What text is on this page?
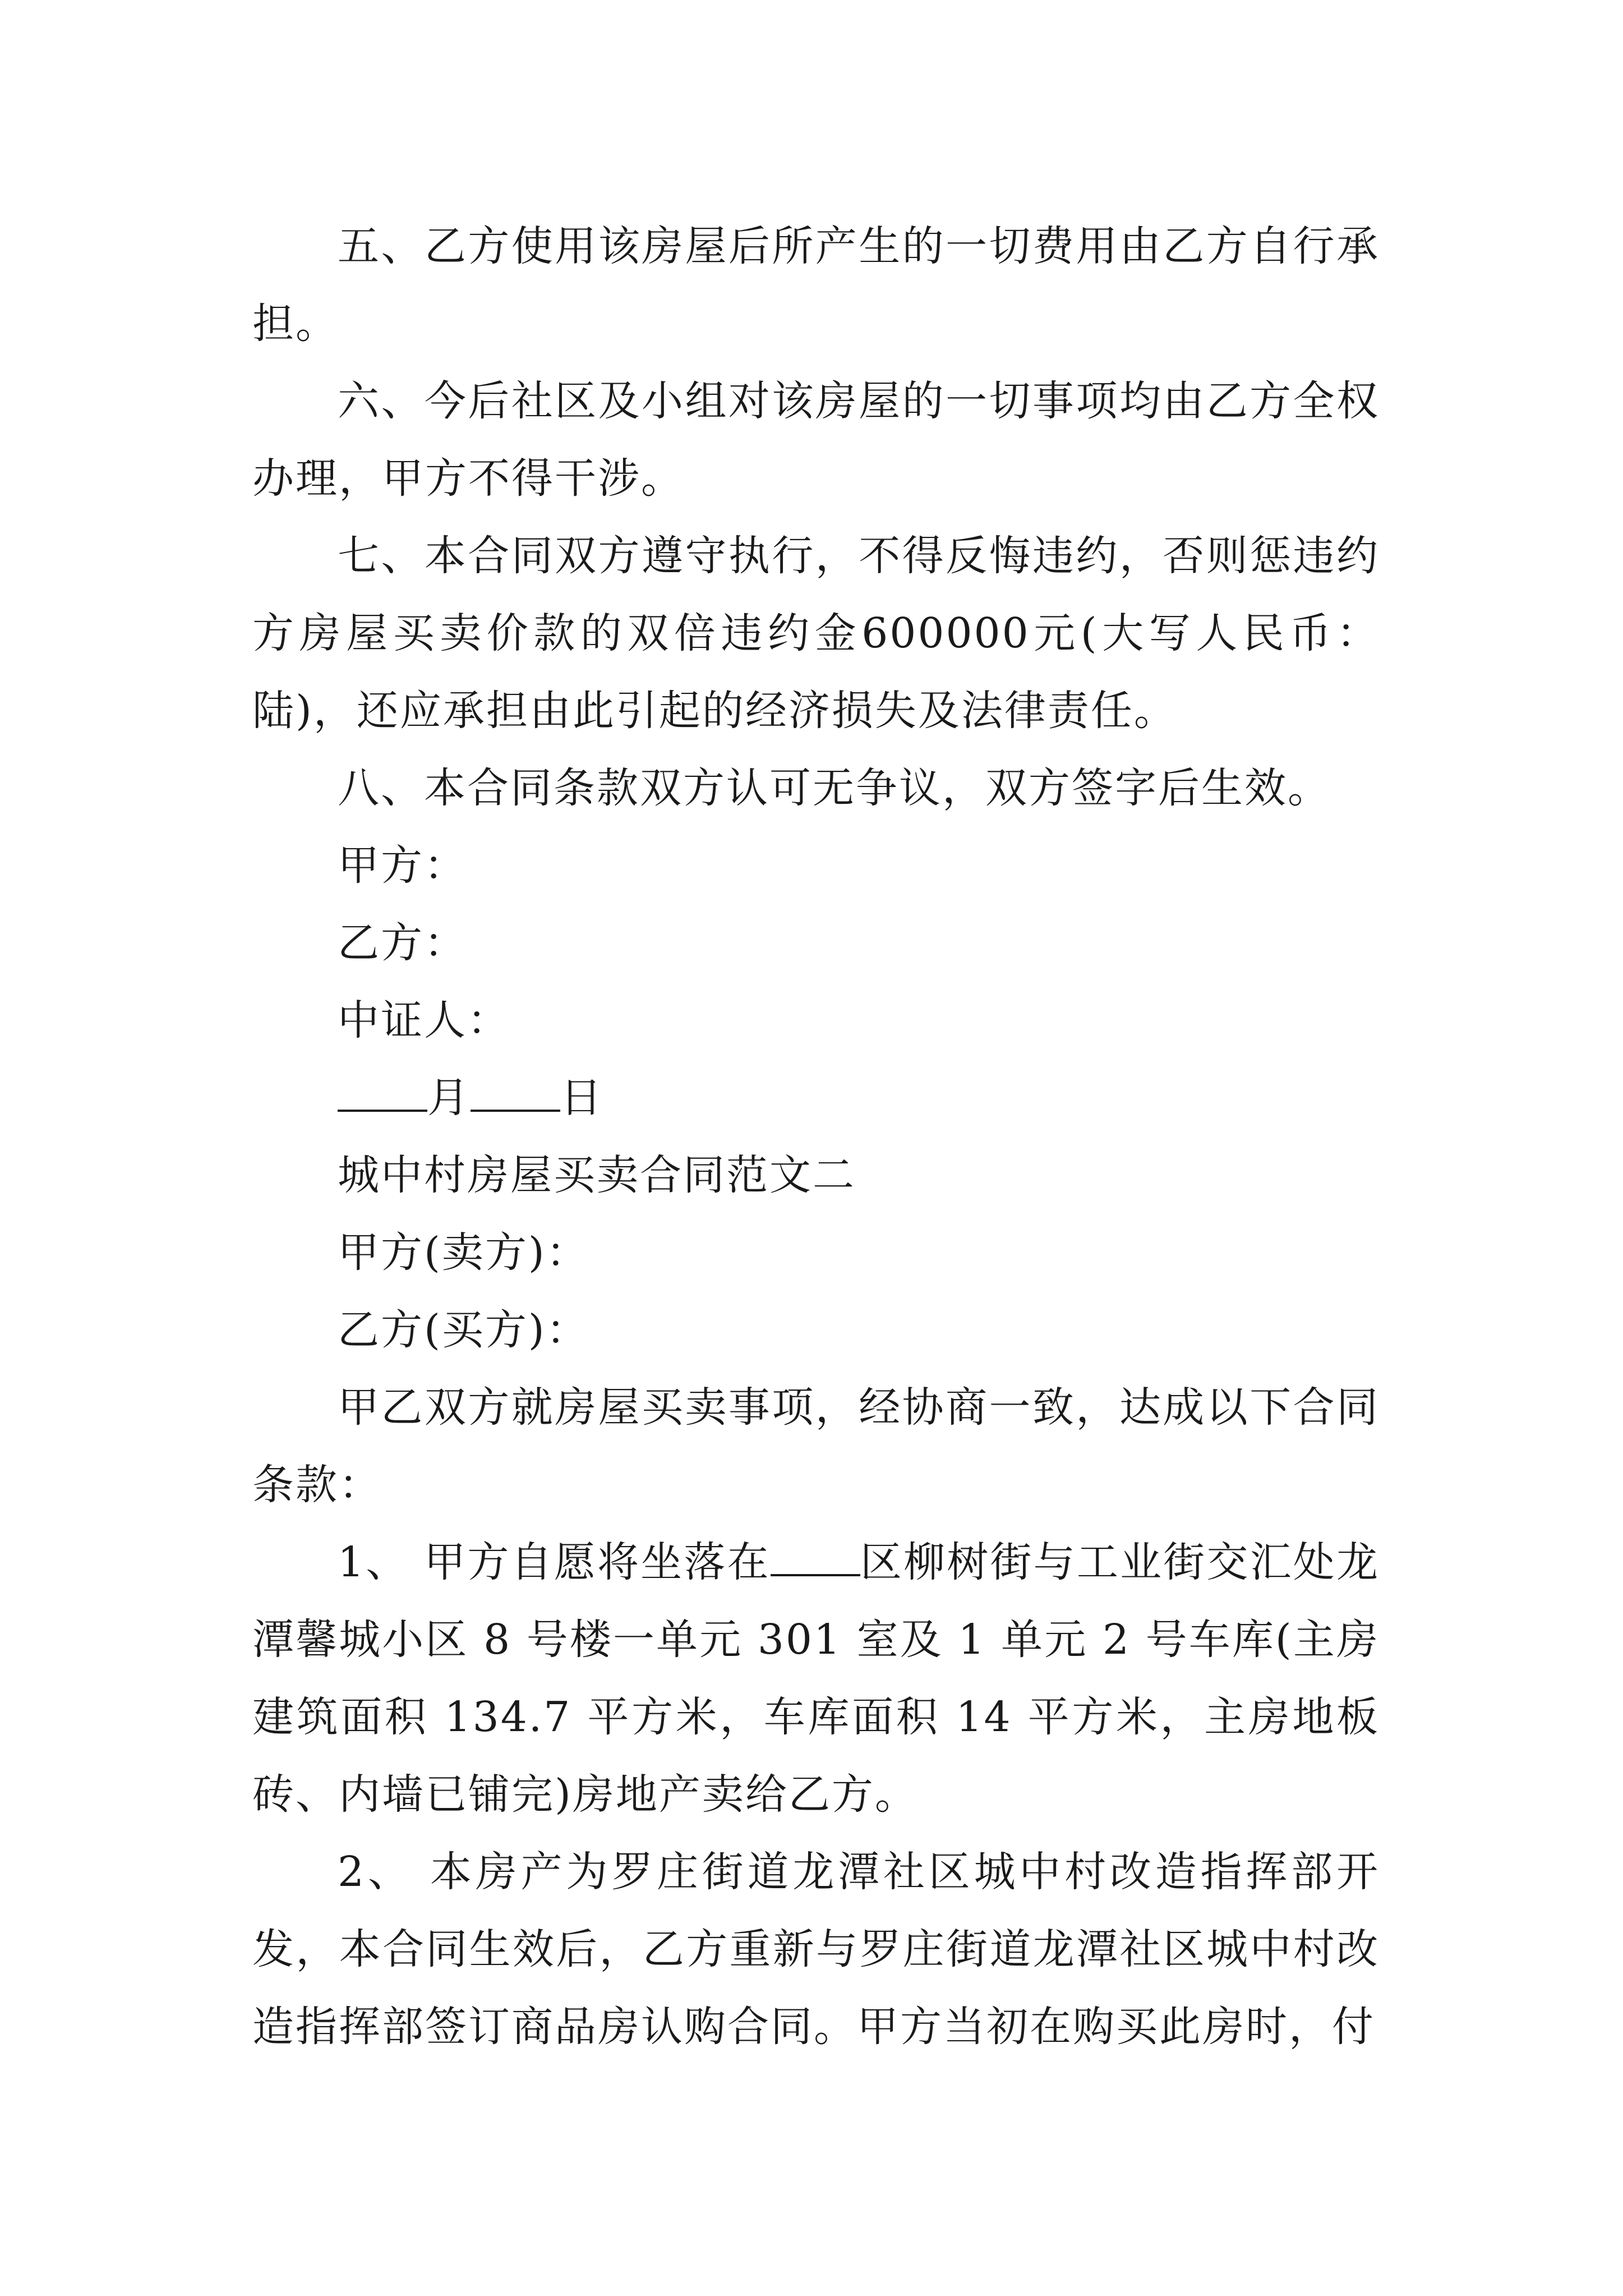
五、乙方使用该房屋后所产生的一切费用由乙方自行承担。

六、今后社区及小组对该房屋的一切事项均由乙方全权办理，甲方不得干涉。

七、本合同双方遵守执行，不得反悔违约，否则惩违约方房屋买卖价款的双倍违约金600000元(大写人民币：陆)，还应承担由此引起的经济损失及法律责任。

八、本合同条款双方认可无争议，双方签字后生效。

甲方：

乙方：

中证人：

月 日

城中村房屋买卖合同范文二

甲方(卖方)：

乙方(买方)：

甲乙双方就房屋买卖事项，经协商一致，达成以下合同条款：

1、 甲方自愿将坐落在 区柳树街与工业街交汇处龙潭馨城小区 8 号楼一单元 301 室及 1 单元 2 号车库(主房建筑面积 134.7 平方米，车库面积 14 平方米，主房地板砖、内墙已铺完)房地产卖给乙方。

2、 本房产为罗庄街道龙潭社区城中村改造指挥部开发，本合同生效后，乙方重新与罗庄街道龙潭社区城中村改造指挥部签订商品房认购合同。甲方当初在购买此房时，付
